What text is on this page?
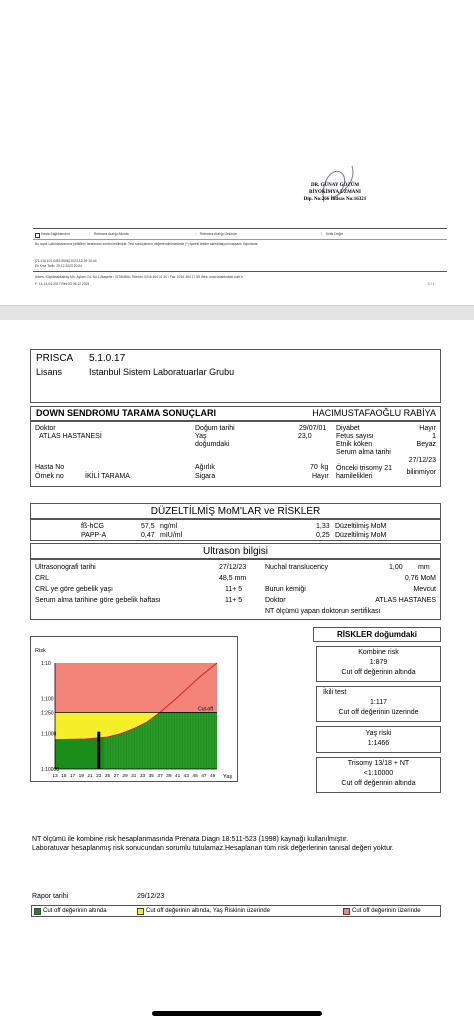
DR. GÜNAY GÖZÜM
BİYOKİMYA UZMANI
Dip. No:266 İhtisas No:16321
Hasta Sağlıklandırır	↓ Referans Aralığı Altında	↑ Referans Aralığı Üstünde	! Kritik Değer
Bu rapor Laboratuvarımız yetkilileri tarafından kontrol edilmiştir. Test sonuçlarının değerlendirilmesinde (*) işaretli testler akreditasyon kapsamı dışındadır.
[21.116.101.0452.0506] 2023-12-29 10:44
Ek Kısa Tarih: 29.12.2023 20:04
Adres: Küçükbakkalköy Mh. Ayhan Cd. No:1 Ataşehir / İSTANBUL Telefon: 0216 464 11 34 / Fax: 0216 464 17 55 Web: www.istanbullab.com.tr
F: 14-14-04-2017 Rev:03 05.12.2023	1 / 1
PRISCA 5.1.0.17
Lisans	Istanbul Sistem Laboratuarlar Grubu
DOWN SENDROMU TARAMA SONUÇLARI	HACIMUSTAFAOĞLU RABİYA
Doktor
ATLAS HASTANESİ
Hasta No
Örnek no	İKİLİ TARAMA
Doğum tarihi	29/07/01
Yaş	23,0
doğumdaki
Ağırlık	70 kg
Sigara	Hayır
Diyabet	Hayır
Fetus sayısı	1
Etnik köken	Beyaz
Serum alma tarihi
27/12/23
Önceki trisomy 21
hamilelikleri
bilinmiyor
DÜZELTİLMİŞ MoM'LAR ve RİSKLER
fß-hCG	57,5 ng/ml	1,33 Düzeltilmiş MoM
PAPP-A	0,47 mIU/ml	0,25 Düzeltilmiş MoM
Ultrason bilgisi
Ultrasonografi tarihi	27/12/23
CRL	48,5 mm
CRL ye göre gebelik yaşı	11+ 5
Serum alma tarihine göre gebelik haftası	11+ 5
Nuchal translucency	1,00 mm
0,76 MoM
Burun kemiği	Mevcut
Doktor	ATLAS HASTANES
NT ölçümü yapan doktorun sertifikası
Cut-off
Risk
1:10
1:100
1:250
1:1000
1:10000
13 15 17 19 21 23 25 27 29 31 33 35 37 39 41 43 45 47 49 Yaş
RİSKLER doğumdaki
Kombine risk
1:879
Cut off değerinin altında
İkili test
1:117
Cut off değerinin üzerinde
Yaş riski
1:1466
Trisomy 13/18 + NT
<1:10000
Cut off değerinin altında
NT ölçümü ile kombine risk hesaplanmasında Prenata Diagn 18:511-523 (1998) kaynağı kullanılmıştır.
Laboratuvar hesaplanmış risk sonucundan sorumlu tutulamaz.Hesaplanan tüm risk değerlerinin tanısal değeri yoktur.
Rapor tarihi	29/12/23
Cut off değerinin altında	Cut off değerinin altında, Yaş Riskinin üzerinde	Cut off değerinin üzerinde
